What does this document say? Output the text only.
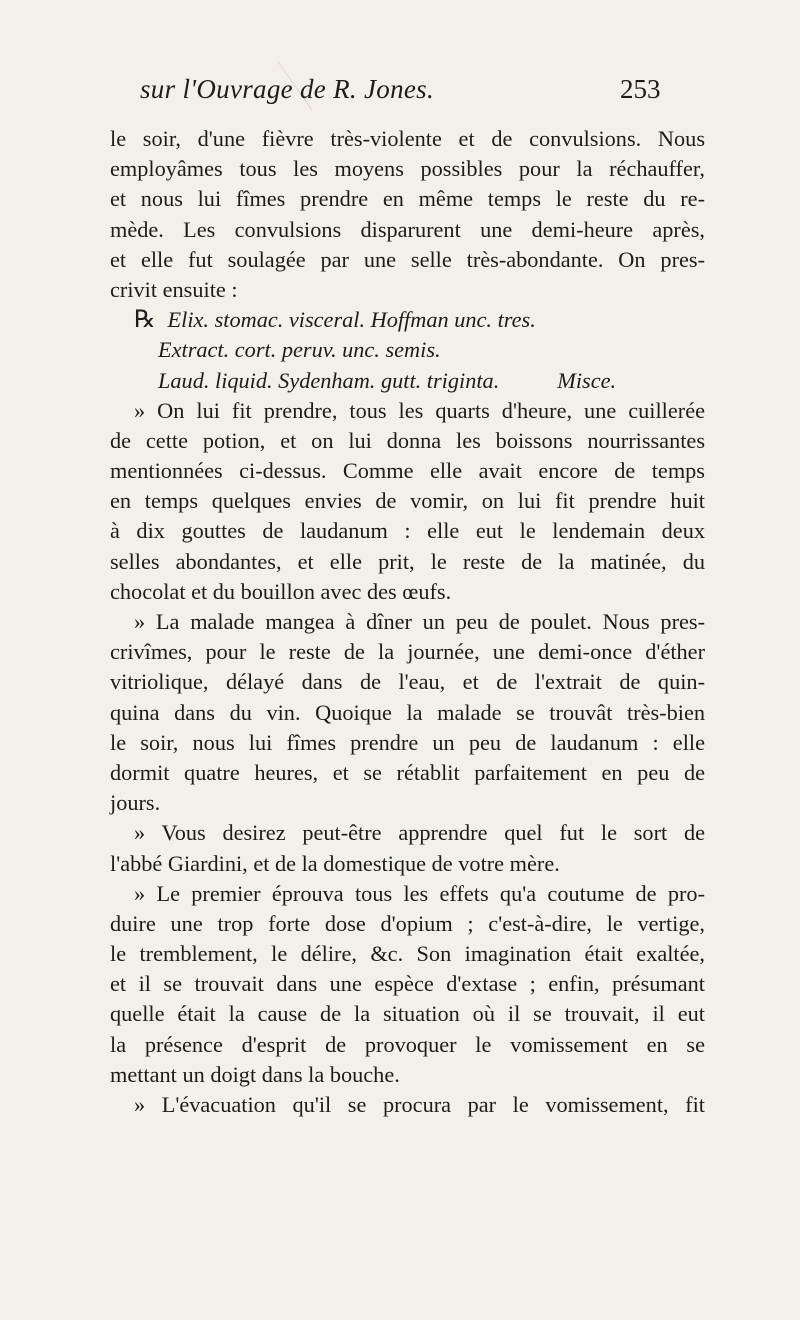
sur l'Ouvrage de R. Jones.	253
le soir, d'une fièvre très-violente et de convulsions. Nous
employâmes tous les moyens possibles pour la réchauffer,
et nous lui fîmes prendre en même temps le reste du re-
mède. Les convulsions disparurent une demi-heure après,
et elle fut soulagée par une selle très-abondante. On pres-
crivit ensuite :
℞ Elix. stomac. visceral. Hoffman unc. tres.
Extract. cort. peruv. unc. semis.
Laud. liquid. Sydenham. gutt. triginta.	Misce.
» On lui fit prendre, tous les quarts d'heure, une cuillerée
de cette potion, et on lui donna les boissons nourrissantes
mentionnées ci-dessus. Comme elle avait encore de temps
en temps quelques envies de vomir, on lui fit prendre huit
à dix gouttes de laudanum : elle eut le lendemain deux
selles abondantes, et elle prit, le reste de la matinée, du
chocolat et du bouillon avec des œufs.
» La malade mangea à dîner un peu de poulet. Nous pres-
crivîmes, pour le reste de la journée, une demi-once d'éther
vitriolique, délayé dans de l'eau, et de l'extrait de quin-
quina dans du vin. Quoique la malade se trouvât très-bien
le soir, nous lui fîmes prendre un peu de laudanum : elle
dormit quatre heures, et se rétablit parfaitement en peu de
jours.
» Vous desirez peut-être apprendre quel fut le sort de
l'abbé Giardini, et de la domestique de votre mère.
» Le premier éprouva tous les effets qu'a coutume de pro-
duire une trop forte dose d'opium ; c'est-à-dire, le vertige,
le tremblement, le délire, &c. Son imagination était exaltée,
et il se trouvait dans une espèce d'extase ; enfin, présumant
quelle était la cause de la situation où il se trouvait, il eut
la présence d'esprit de provoquer le vomissement en se
mettant un doigt dans la bouche.
» L'évacuation qu'il se procura par le vomissement, fit
